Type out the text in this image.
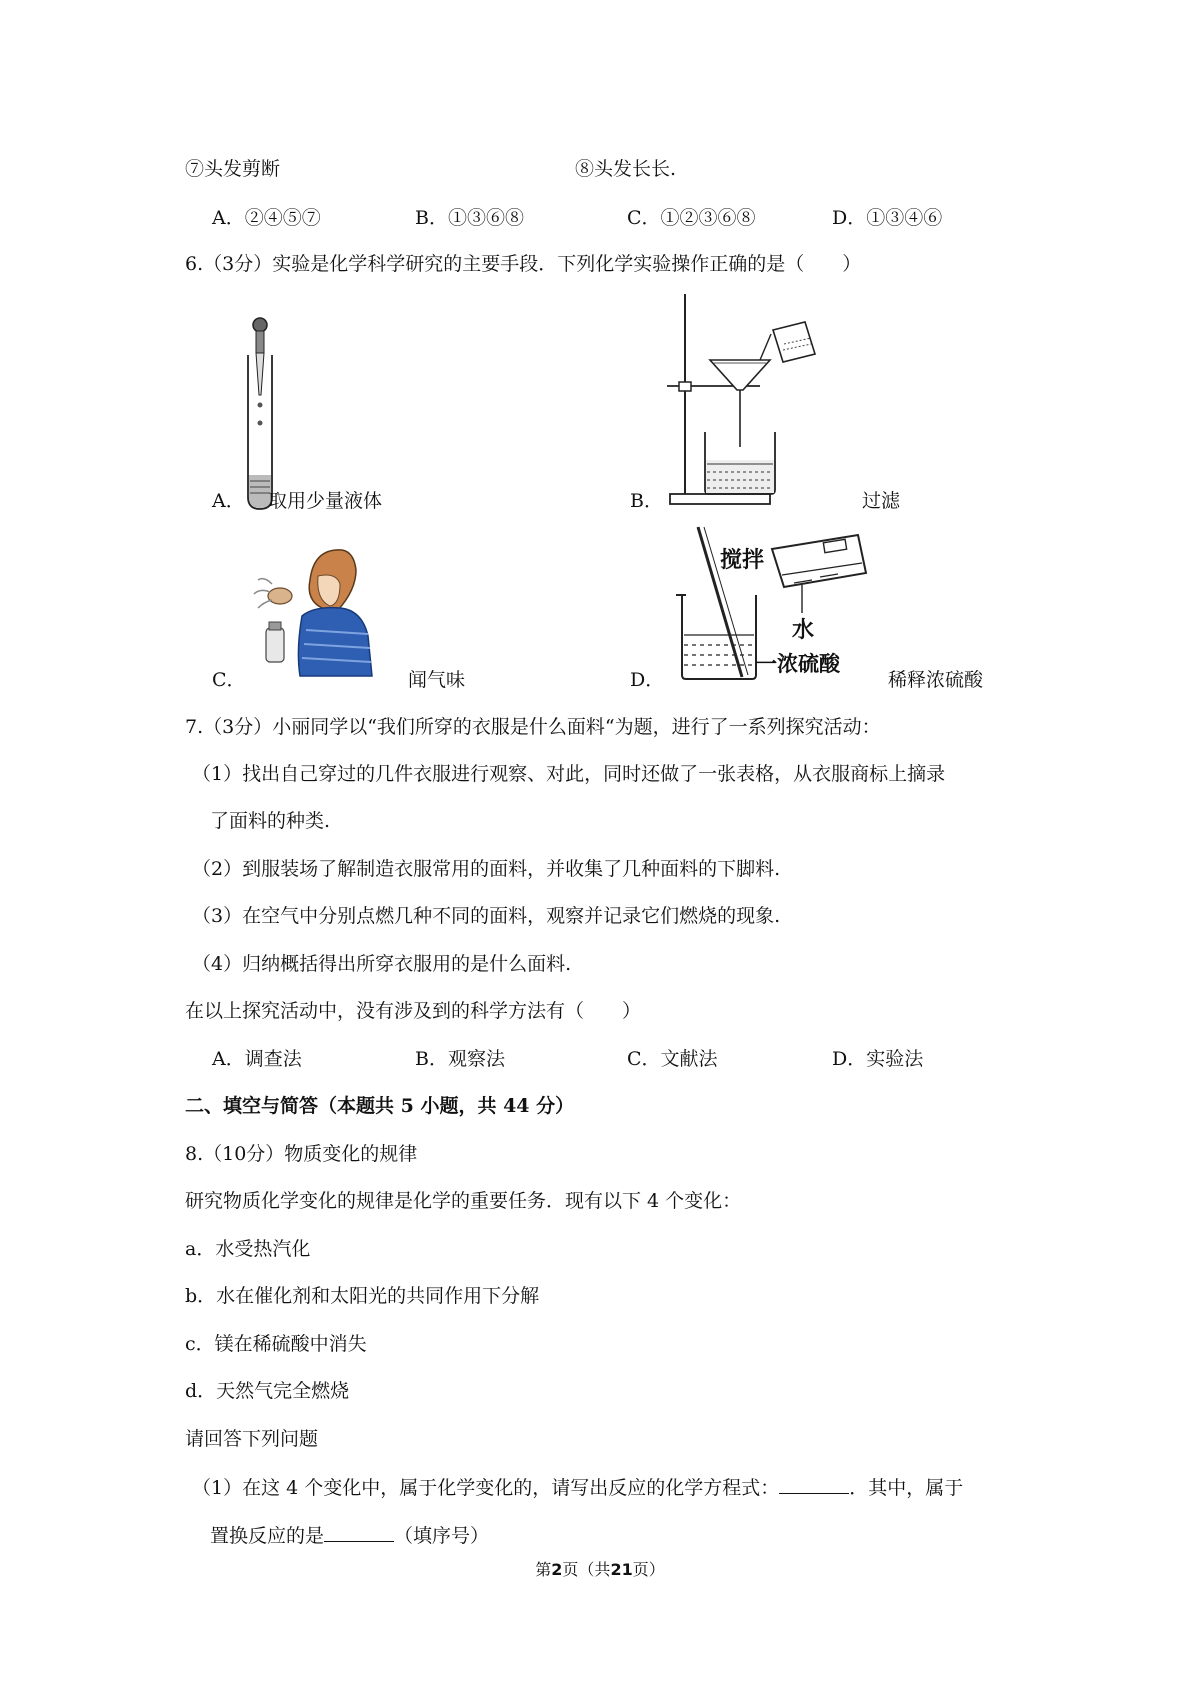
⑦头发剪断	⑧头发长长.
A．②④⑤⑦	B．①③⑥⑧	C．①②③⑥⑧	D．①③④⑥
6.（3分）实验是化学科学研究的主要手段．下列化学实验操作正确的是（　　）
A． 取用少量液体	B．	过滤
C．	闻气味
搅拌
水
一浓硫酸
D．	稀释浓硫酸
7.（3分）小丽同学以“我们所穿的衣服是什么面料“为题，进行了一系列探究活动：
（1）找出自己穿过的几件衣服进行观察、对此，同时还做了一张表格，从衣服商标上摘录
了面料的种类.
（2）到服装场了解制造衣服常用的面料，并收集了几种面料的下脚料.
（3）在空气中分别点燃几种不同的面料，观察并记录它们燃烧的现象.
（4）归纳概括得出所穿衣服用的是什么面料.
在以上探究活动中，没有涉及到的科学方法有（　　）
A．调查法	B．观察法	C．文献法	D．实验法
二、填空与简答（本题共 5 小题，共 44 分）
8.（10分）物质变化的规律
研究物质化学变化的规律是化学的重要任务．现有以下 4 个变化：
a．水受热汽化
b．水在催化剂和太阳光的共同作用下分解
c．镁在稀硫酸中消失
d．天然气完全燃烧
请回答下列问题
（1）在这 4 个变化中，属于化学变化的，请写出反应的化学方程式：	．其中，属于
置换反应的是	（填序号）
第2页（共21页）
